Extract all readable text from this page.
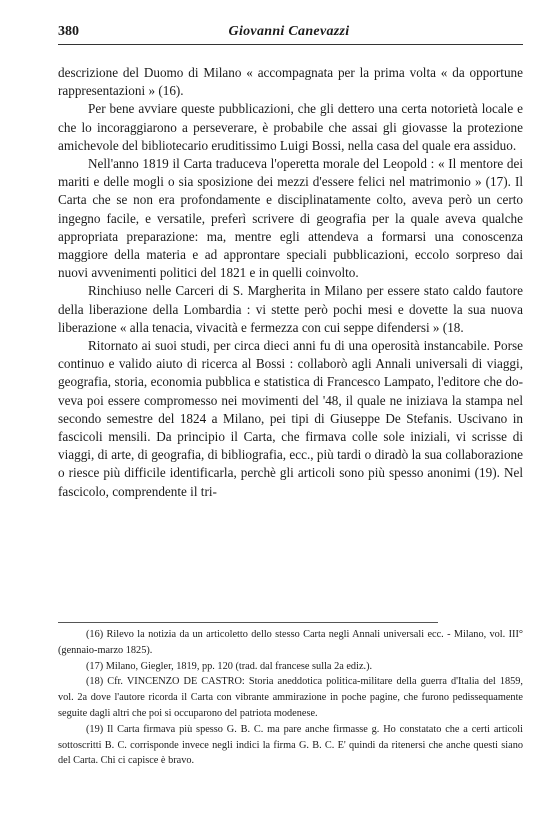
380	Giovanni Canevazzi

descrizione del Duomo di Milano « accompagnata per la prima volta « da opportune rappresentazioni » (16).

Per bene avviare queste pubblicazioni, che gli dettero una certa notorietà locale e che lo incoraggiarono a perseverare, è probabile che assai gli giovasse la protezione amichevole del bibliotecario eruditissimo Luigi Bossi, nella casa del quale era assiduo.

Nell'anno 1819 il Carta traduceva l'operetta morale del Leopold : « Il mentore dei mariti e delle mogli o sia sposizione dei mezzi d'essere felici nel matrimonio » (17). Il Carta che se non era profondamente e disciplinatamente colto, aveva però un certo ingegno facile, e versatile, preferì scrivere di geografia per la quale aveva qualche appropriata preparazione: ma, mentre egli attendeva a formarsi una conoscenza maggiore della materia e ad approntare speciali pubblicazioni, eccolo sorpreso dai nuovi avvenimenti politici del 1821 e in quelli coinvolto.

Rinchiuso nelle Carceri di S. Margherita in Milano per essere stato caldo fautore della liberazione della Lombardia : vi stette però pochi mesi e dovette la sua nuova liberazione « alla tenacia, vivacità e fermezza con cui seppe difendersi » (18.

Ritornato ai suoi studi, per circa dieci anni fu di una operosità instancabile. Porse continuo e valido aiuto di ricerca al Bossi : collaborò agli Annali universali di viaggi, geografia, storia, economia pubblica e statistica di Francesco Lampato, l'editore che doveva poi essere compromesso nei movimenti del '48, il quale ne iniziava la stampa nel secondo semestre del 1824 a Milano, pei tipi di Giuseppe De Stefanis. Uscivano in fascicoli mensili. Da principio il Carta, che firmava colle sole iniziali, vi scrisse di viaggi, di arte, di geografia, di bibliografia, ecc., più tardi o diradò la sua collaborazione o riesce più difficile identificarla, perchè gli articoli sono più spesso anonimi (19). Nel fascicolo, comprendente il tri-

(16) Rilevo la notizia da un articoletto dello stesso Carta negli Annali universali ecc. - Milano, vol. III° (gennaio-marzo 1825).

(17) Milano, Giegler, 1819, pp. 120 (trad. dal francese sulla 2a ediz.).

(18) Cfr. VINCENZO DE CASTRO: Storia aneddotica politica-militare della guerra d'Italia del 1859, vol. 2a dove l'autore ricorda il Carta con vibrante ammirazione in poche pagine, che furono pedissequamente seguite dagli altri che poi si occuparono del patriota modenese.

(19) Il Carta firmava più spesso G. B. C. ma pare anche firmasse g. Ho constatato che a certi articoli sottoscritti B. C. corrisponde invece negli indici la firma G. B. C. E' quindi da ritenersi che anche questi siano del Carta. Chi ci capisce è bravo.
